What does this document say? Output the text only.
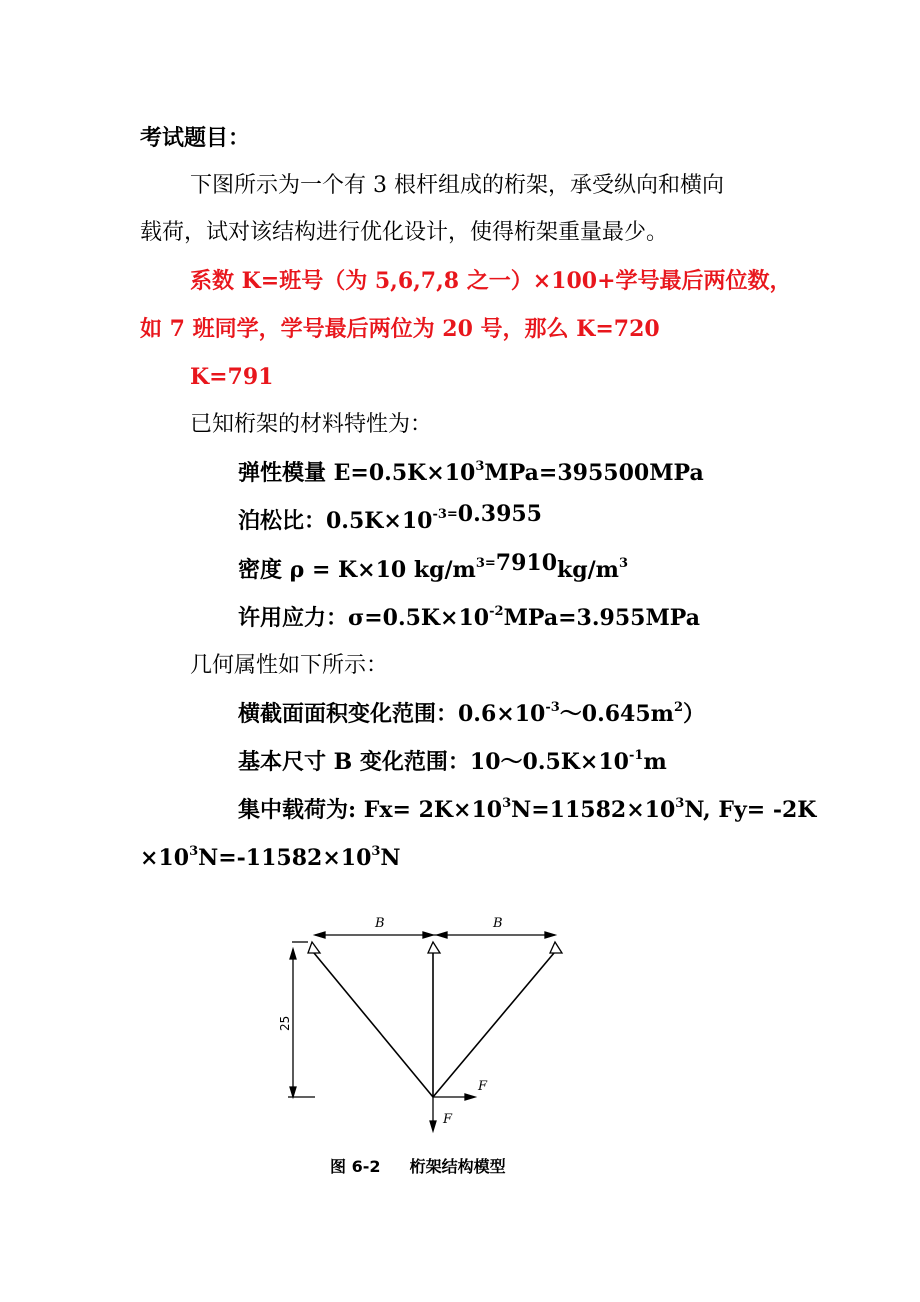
考试题目：
下图所示为一个有 3 根杆组成的桁架，承受纵向和横向
载荷，试对该结构进行优化设计，使得桁架重量最少。
系数 K=班号（为 5,6,7,8 之一）×100+学号最后两位数，
如 7 班同学，学号最后两位为 20 号，那么 K=720
K=791
已知桁架的材料特性为：
弹性模量 $E=0.5K\times 10^3MPa=395500MPa$
泊松比：$0.5K\times 10^{-3=}0.3955$
密度 ρ = K×10 $kg/m^{3=}7910kg/m^3$
许用应力：$\sigma=0.5K\times 10^{-2}MPa=3.955MPa$
几何属性如下所示：
横截面面积变化范围：$0.6\times 10^{-3}\sim 0.645m^2$）
基本尺寸 B 变化范围：$10\sim 0.5K\times 10^{-1}m$
集中载荷为: $Fx= 2K\times 10^3N=11582\times 10^3N$, Fy= -2K
$\times 10^3N=-11582\times 10^3N$
B	B
F
F
25
图 6-2 桁架结构模型
